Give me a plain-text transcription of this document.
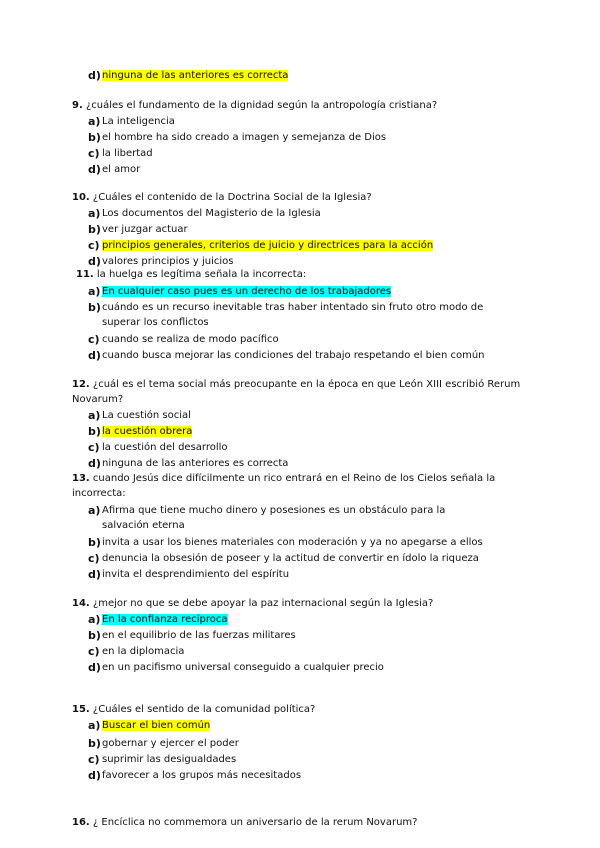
d)ninguna de las anteriores es correcta
9. ¿cuáles el fundamento de la dignidad según la antropología cristiana?
a) La inteligencia
b)el hombre ha sido creado a imagen y semejanza de Dios
c) la libertad
d)el amor
10. ¿Cuáles el contenido de la Doctrina Social de la Iglesia?
a) Los documentos del Magisterio de la Iglesia
b)ver juzgar actuar
c) principios generales, criterios de juicio y directrices para la acción
d)valores principios y juicios
11. la huelga es legítima señala la incorrecta:
a) En cualquier caso pues es un derecho de los trabajadores
b)cuándo es un recurso inevitable tras haber intentado sin fruto otro modo de superar los conflictos
c) cuando se realiza de modo pacífico
d)cuando busca mejorar las condiciones del trabajo respetando el bien común
12. ¿cuál es el tema social más preocupante en la época en que León XIII escribió Rerum Novarum?
a) La cuestión social
b)la cuestión obrera
c) la cuestión del desarrollo
d)ninguna de las anteriores es correcta
13. cuando Jesús dice difícilmente un rico entrará en el Reino de los Cielos señala la incorrecta:
a) Afirma que tiene mucho dinero y posesiones es un obstáculo para la salvación eterna
b)invita a usar los bienes materiales con moderación y ya no apegarse a ellos
c) denuncia la obsesión de poseer y la actitud de convertir en ídolo la riqueza
d)invita el desprendimiento del espíritu
14. ¿mejor no que se debe apoyar la paz internacional según la Iglesia?
a) En la confianza recíproca
b)en el equilibrio de las fuerzas militares
c) en la diplomacia
d)en un pacifismo universal conseguido a cualquier precio
15. ¿Cuáles el sentido de la comunidad política?
a) Buscar el bien común
b)gobernar y ejercer el poder
c) suprimir las desigualdades
d)favorecer a los grupos más necesitados
16. ¿ Encíclica no commemora un aniversario de la rerum Novarum?
